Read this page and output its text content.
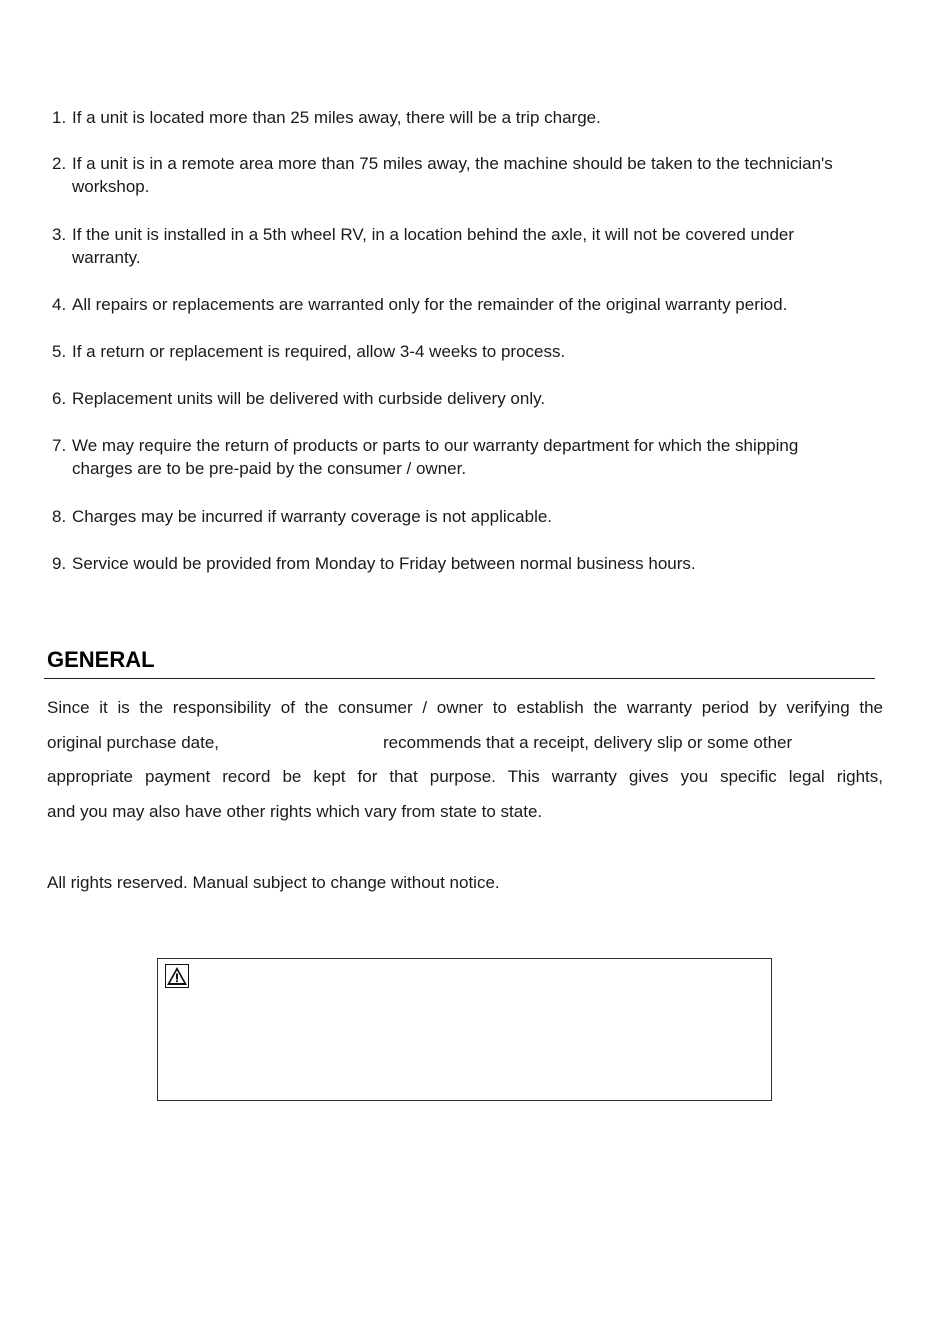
1. If a unit is located more than 25 miles away, there will be a trip charge.
2. If a unit is in a remote area more than 75 miles away, the machine should be taken to the technician's workshop.
3. If the unit is installed in a 5th wheel RV, in a location behind the axle, it will not be covered under warranty.
4. All repairs or replacements are warranted only for the remainder of the original warranty period.
5. If a return or replacement is required, allow 3-4 weeks to process.
6. Replacement units will be delivered with curbside delivery only.
7. We may require the return of products or parts to our warranty department for which the shipping charges are to be pre-paid by the consumer / owner.
8. Charges may be incurred if warranty coverage is not applicable.
9. Service would be provided from Monday to Friday between normal business hours.
GENERAL
Since it is the responsibility of the consumer / owner to establish the warranty period by verifying the
original purchase date,	recommends that a receipt, delivery slip or some other
appropriate payment record be kept for that purpose. This warranty gives you specific legal rights,
and you may also have other rights which vary from state to state.
All rights reserved. Manual subject to change without notice.
